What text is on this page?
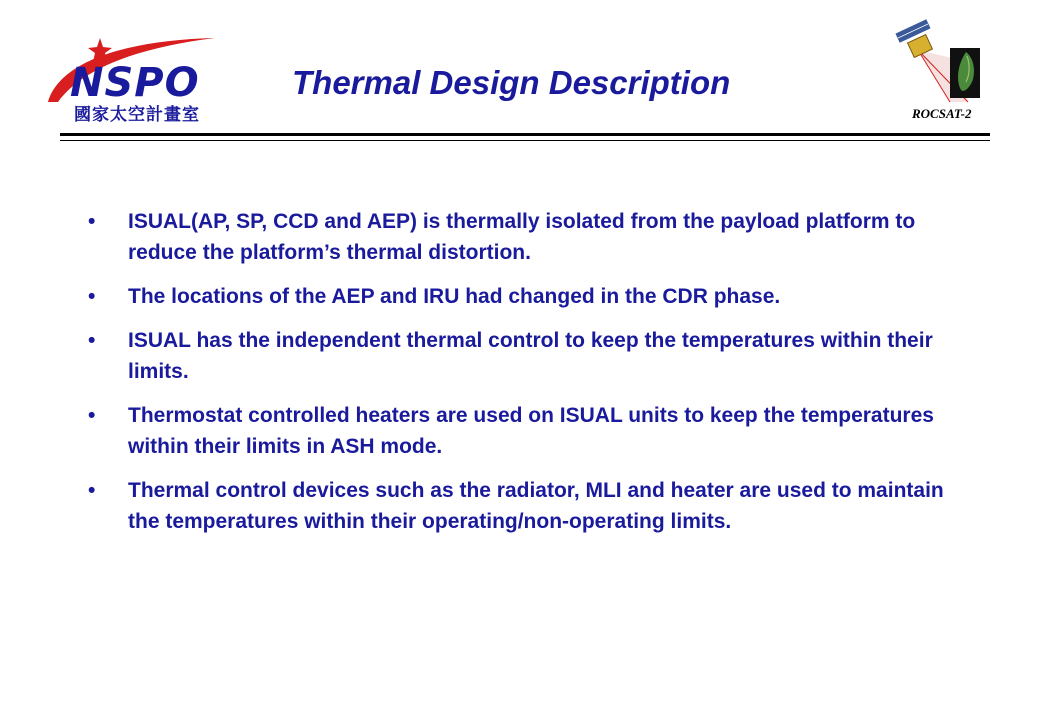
NSPO
國家太空計畫室
Thermal Design Description
ROCSAT-2
•	ISUAL(AP, SP, CCD and AEP) is thermally isolated from the payload platform to reduce the platform’s thermal distortion.
•	The locations of the AEP and IRU had changed in the CDR phase.
•	ISUAL has the independent thermal control to keep the temperatures within their limits.
•	Thermostat controlled heaters are used on ISUAL units to keep the temperatures within their limits in ASH mode.
•	Thermal control devices such as the radiator, MLI and heater are used to maintain the temperatures within their operating/non-operating limits.
